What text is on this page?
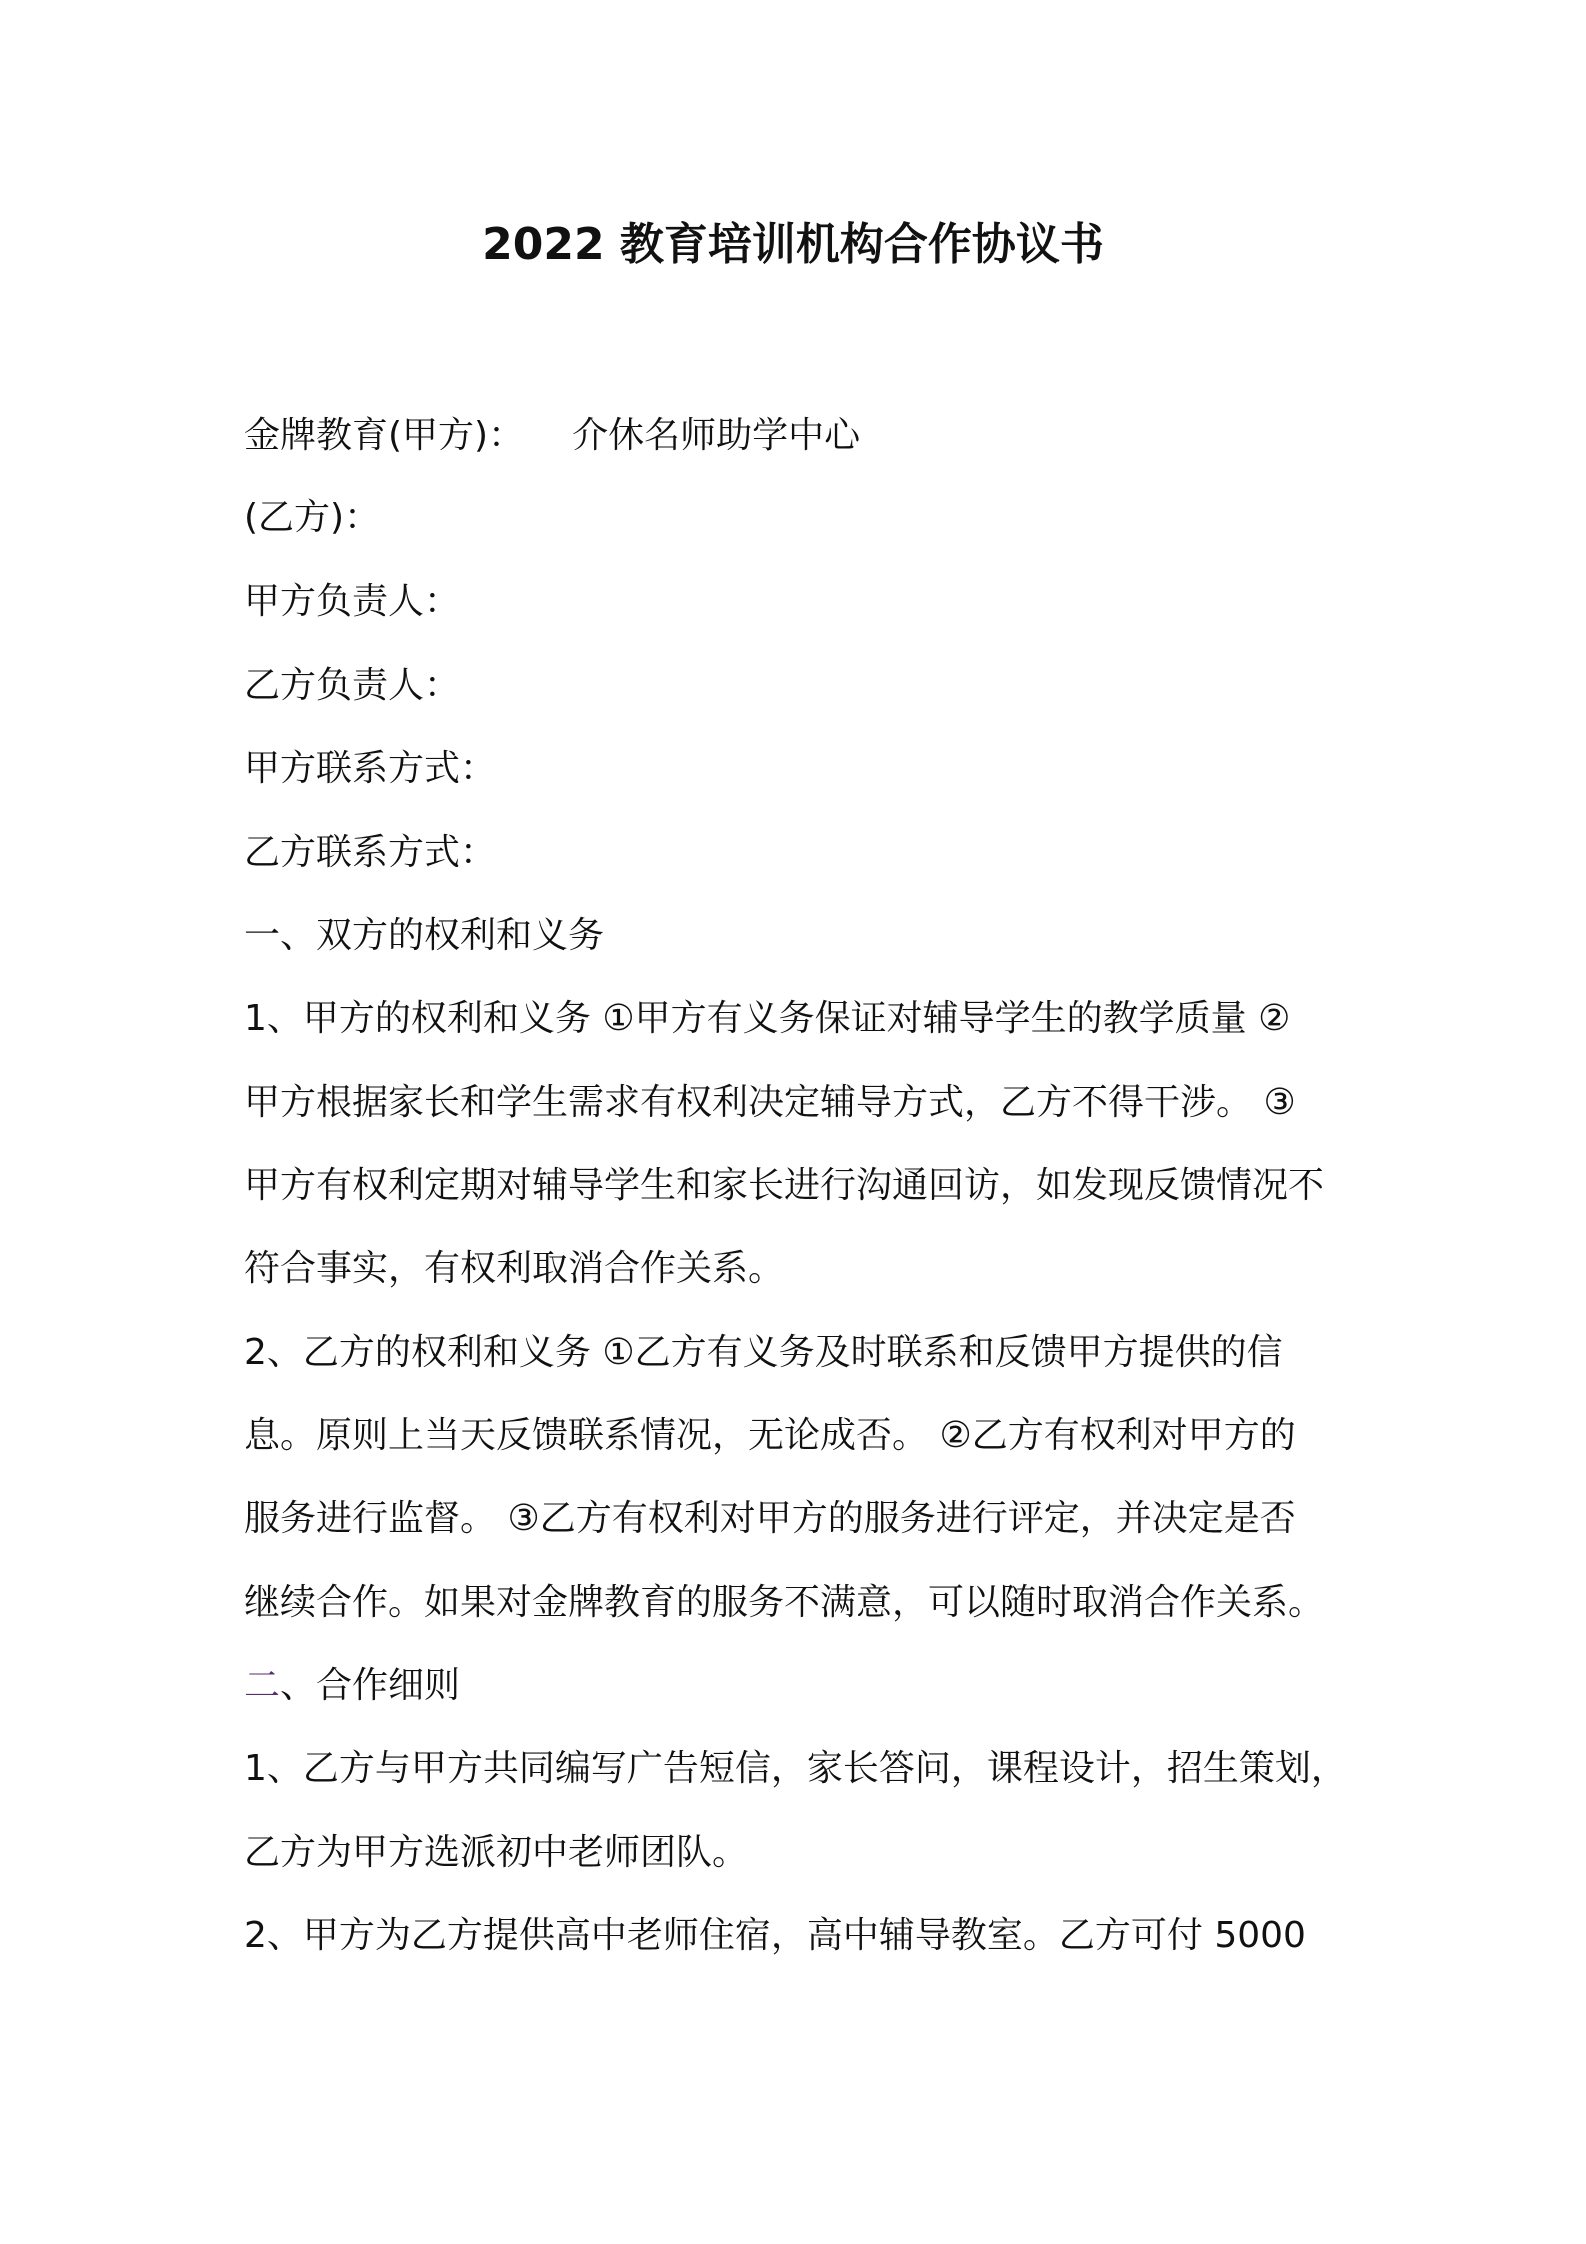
2022 教育培训机构合作协议书
金牌教育(甲方)： 介休名师助学中心
(乙方)：
甲方负责人：
乙方负责人：
甲方联系方式：
乙方联系方式：
一、双方的权利和义务
1、甲方的权利和义务 ①甲方有义务保证对辅导学生的教学质量 ②
甲方根据家长和学生需求有权利决定辅导方式，乙方不得干涉。 ③
甲方有权利定期对辅导学生和家长进行沟通回访，如发现反馈情况不
符合事实，有权利取消合作关系。
2、乙方的权利和义务 ①乙方有义务及时联系和反馈甲方提供的信
息。原则上当天反馈联系情况，无论成否。 ②乙方有权利对甲方的
服务进行监督。 ③乙方有权利对甲方的服务进行评定，并决定是否
继续合作。如果对金牌教育的服务不满意，可以随时取消合作关系。
二、合作细则
1、乙方与甲方共同编写广告短信，家长答问，课程设计，招生策划，
乙方为甲方选派初中老师团队。
2、甲方为乙方提供高中老师住宿，高中辅导教室。乙方可付 5000
